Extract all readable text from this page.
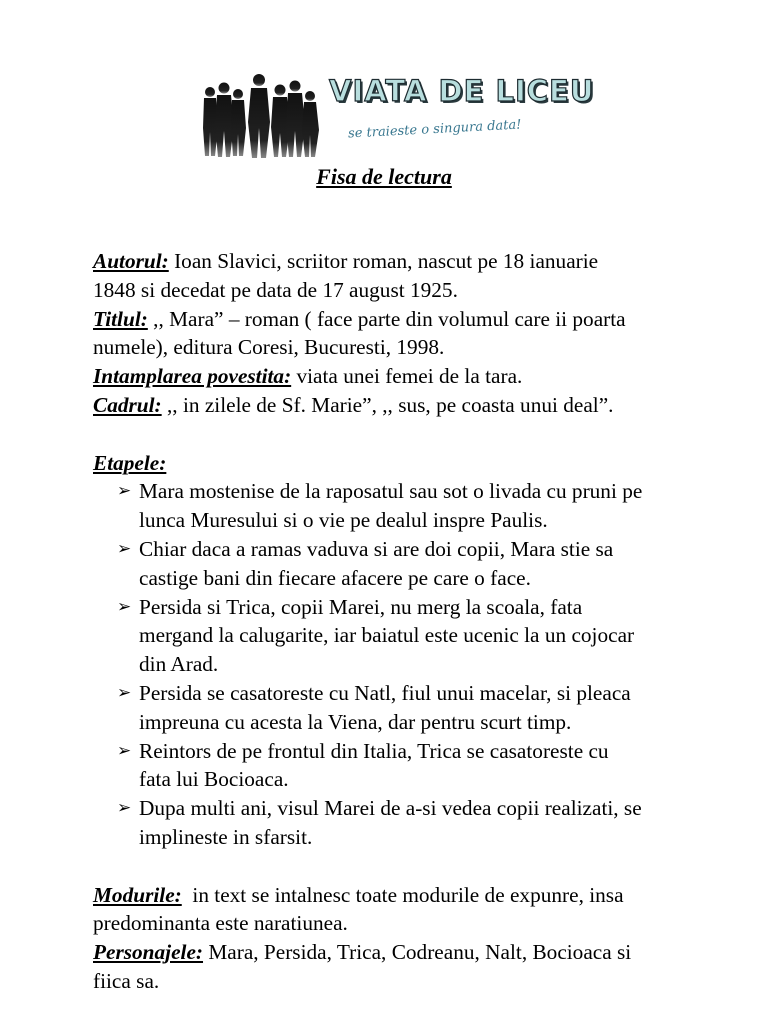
VIATA DE LICEU
se traieste o singura data!
Fisa de lectura

Autorul: Ioan Slavici, scriitor roman, nascut pe 18 ianuarie

1848 si decedat pe data de 17 august 1925.

Titlul: ,, Mara” – roman ( face parte din volumul care ii poarta

numele), editura Coresi, Bucuresti, 1998.

Intamplarea povestita: viata unei femei de la tara.

Cadrul: ,, in zilele de Sf. Marie”, ,, sus, pe coasta unui deal”.

Etapele:

➢ Mara mostenise de la raposatul sau sot o livada cu pruni pe
lunca Muresului si o vie pe dealul inspre Paulis.
➢ Chiar daca a ramas vaduva si are doi copii, Mara stie sa
castige bani din fiecare afacere pe care o face.
➢ Persida si Trica, copii Marei, nu merg la scoala, fata
mergand la calugarite, iar baiatul este ucenic la un cojocar
din Arad.
➢ Persida se casatoreste cu Natl, fiul unui macelar, si pleaca
impreuna cu acesta la Viena, dar pentru scurt timp.
➢ Reintors de pe frontul din Italia, Trica se casatoreste cu
fata lui Bocioaca.
➢ Dupa multi ani, visul Marei de a-si vedea copii realizati, se
implineste in sfarsit.

Modurile:  in text se intalnesc toate modurile de expunre, insa

predominanta este naratiunea.

Personajele: Mara, Persida, Trica, Codreanu, Nalt, Bocioaca si

fiica sa.
